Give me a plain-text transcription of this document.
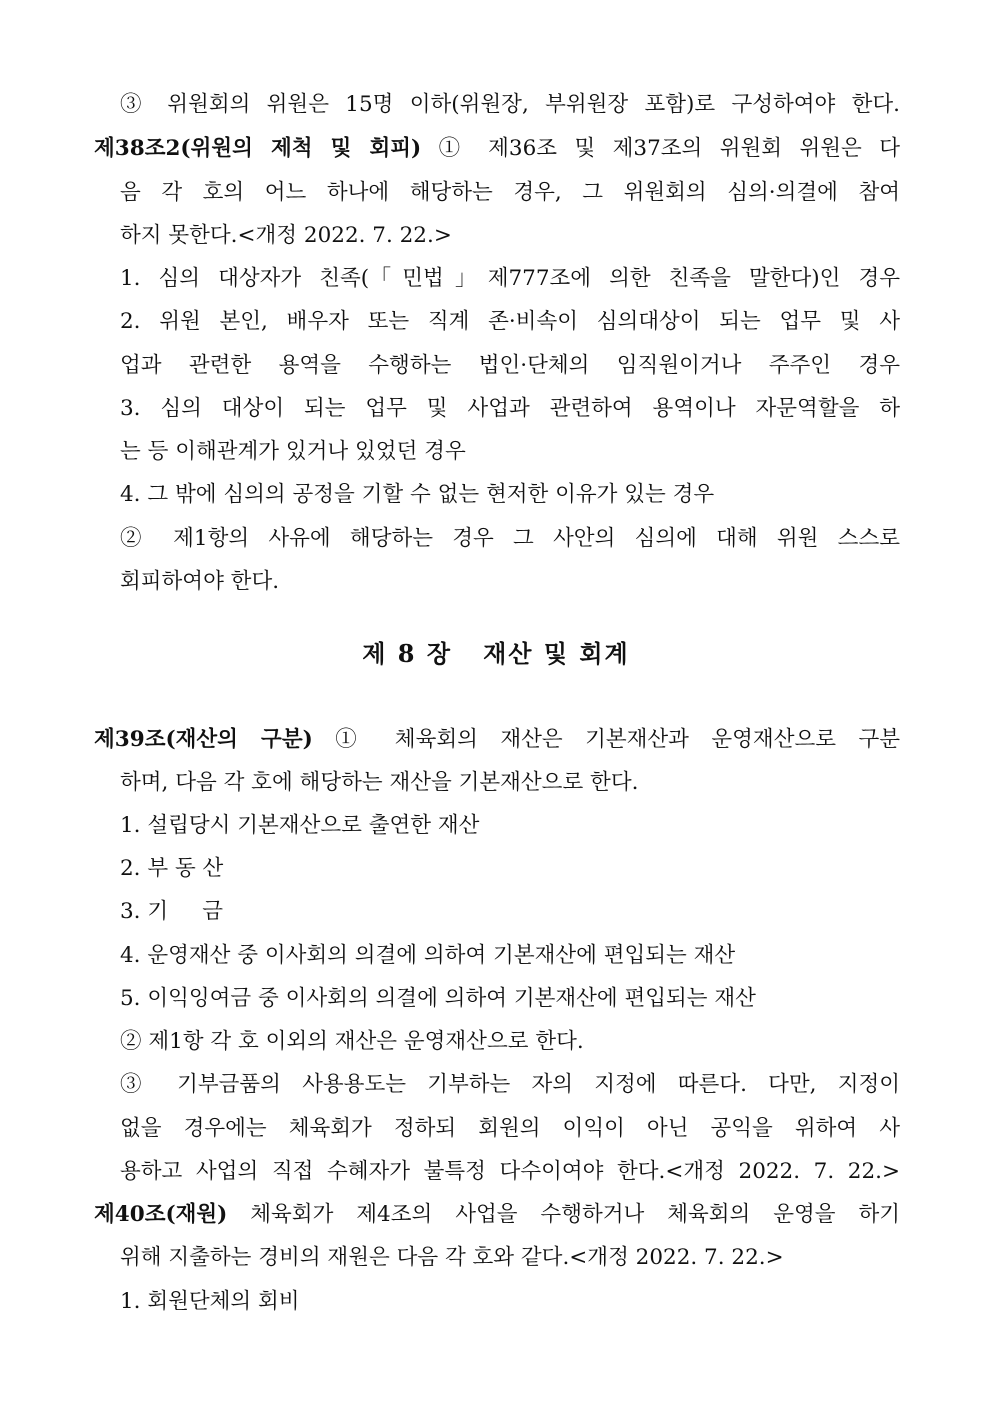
③ 위원회의 위원은 15명 이하(위원장, 부위원장 포함)로 구성하여야 한다.
제38조2(위원의 제척 및 회피) ① 제36조 및 제37조의 위원회 위원은 다
음 각 호의 어느 하나에 해당하는 경우, 그 위원회의 심의·의결에 참여
하지 못한다.<개정 2022. 7. 22.>
1. 심의 대상자가 친족(「민법」제777조에 의한 친족을 말한다)인 경우
2. 위원 본인, 배우자 또는 직계 존·비속이 심의대상이 되는 업무 및 사
업과 관련한 용역을 수행하는 법인·단체의 임직원이거나 주주인 경우
3. 심의 대상이 되는 업무 및 사업과 관련하여 용역이나 자문역할을 하
는 등 이해관계가 있거나 있었던 경우
4. 그 밖에 심의의 공정을 기할 수 없는 현저한 이유가 있는 경우
② 제1항의 사유에 해당하는 경우 그 사안의 심의에 대해 위원 스스로
회피하여야 한다.
제 8 장   재산 및 회계
제39조(재산의 구분) ① 체육회의 재산은 기본재산과 운영재산으로 구분
하며, 다음 각 호에 해당하는 재산을 기본재산으로 한다.
1. 설립당시 기본재산으로 출연한 재산
2. 부 동 산
3. 기     금
4. 운영재산 중 이사회의 의결에 의하여 기본재산에 편입되는 재산
5. 이익잉여금 중 이사회의 의결에 의하여 기본재산에 편입되는 재산
② 제1항 각 호 이외의 재산은 운영재산으로 한다.
③ 기부금품의 사용용도는 기부하는 자의 지정에 따른다. 다만, 지정이
없을 경우에는 체육회가 정하되 회원의 이익이 아닌 공익을 위하여 사
용하고 사업의 직접 수혜자가 불특정 다수이여야 한다.<개정 2022. 7. 22.>
제40조(재원) 체육회가 제4조의 사업을 수행하거나 체육회의 운영을 하기
위해 지출하는 경비의 재원은 다음 각 호와 같다.<개정 2022. 7. 22.>
1. 회원단체의 회비
